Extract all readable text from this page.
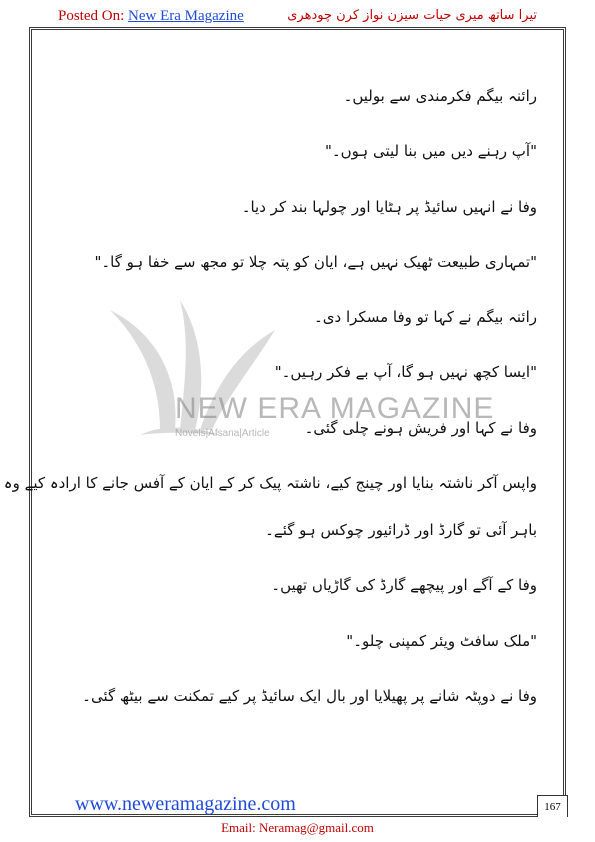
Posted On: New Era Magazine	تیرا ساتھ میری حیات سیزن نواز کرن چودھری
NEW ERA MAGAZINE
Novels|Afsana|Article
رائنہ بیگم فکرمندی سے بولیں۔
"آپ رہنے دیں میں بنا لیتی ہوں۔"
وفا نے انہیں سائیڈ پر ہٹایا اور چولہا بند کر دیا۔
"تمہاری طبیعت ٹھیک نہیں ہے، ایان کو پتہ چلا تو مجھ سے خفا ہو گا۔"
رائنہ بیگم نے کہا تو وفا مسکرا دی۔
"ایسا کچھ نہیں ہو گا، آپ بے فکر رہیں۔"
وفا نے کہا اور فریش ہونے چلی گئی۔
واپس آکر ناشتہ بنایا اور چینج کیے، ناشتہ پیک کر کے ایان کے آفس جانے کا ارادہ کیے وہ
باہر آئی تو گارڈ اور ڈرائیور چوکس ہو گئے۔
وفا کے آگے اور پیچھے گارڈ کی گاڑیاں تھیں۔
"ملک سافٹ ویئر کمپنی چلو۔"
وفا نے دوپٹہ شانے پر پھیلایا اور بال ایک سائیڈ پر کیے تمکنت سے بیٹھ گئی۔
www.neweramagazine.com	167
Email: Neramag@gmail.com
